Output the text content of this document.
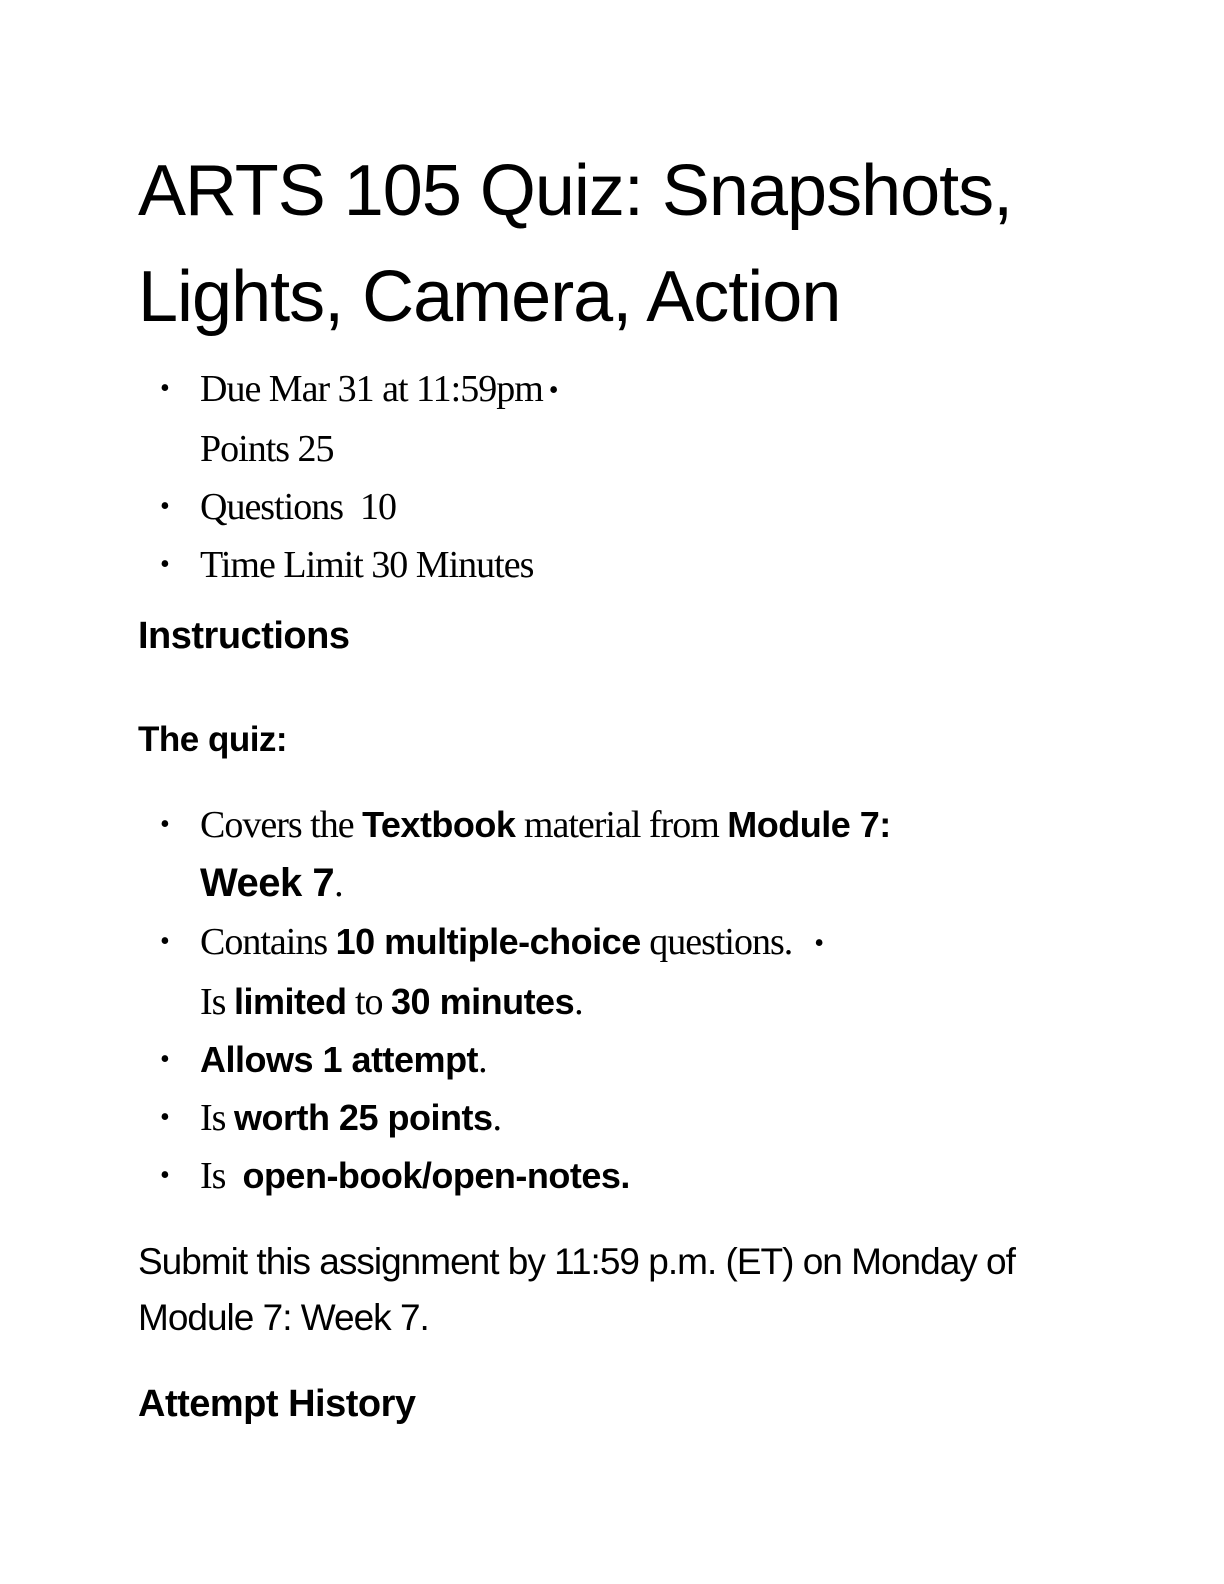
ARTS 105 Quiz: Snapshots, Lights, Camera, Action
• Due Mar 31 at 11:59pm •
Points 25
• Questions  10
• Time Limit 30 Minutes
Instructions
The quiz:
• Covers the Textbook material from Module 7:
Week 7.
• Contains 10 multiple-choice questions. •
Is limited to 30 minutes.
• Allows 1 attempt.
• Is worth 25 points.
• Is  open-book/open-notes.

Submit this assignment by 11:59 p.m. (ET) on Monday of Module 7: Week 7.

Attempt History
